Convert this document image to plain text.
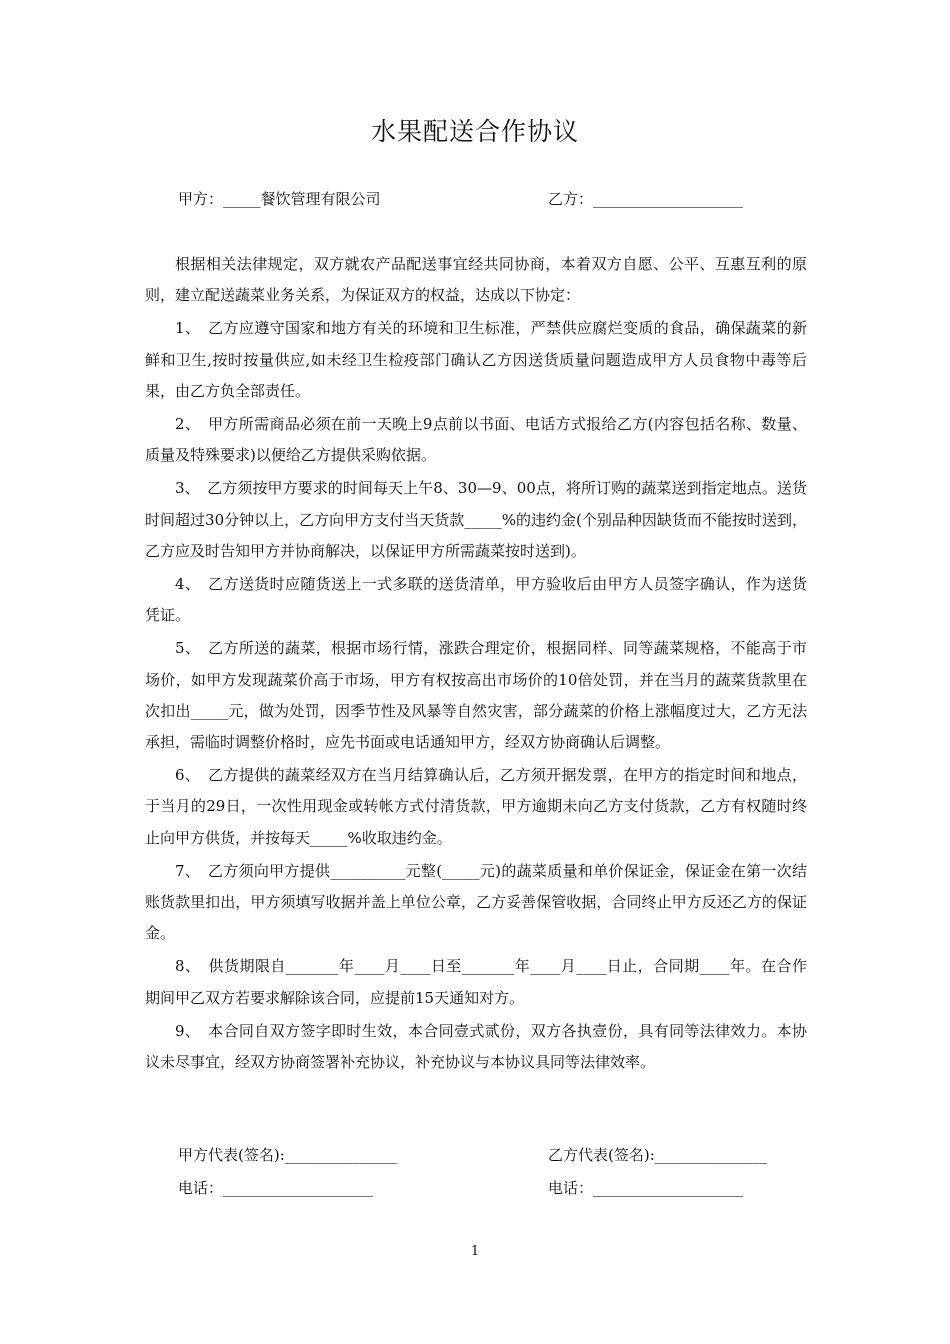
水果配送合作协议
甲方：_____餐饮管理有限公司	乙方：____________________

根据相关法律规定，双方就农产品配送事宜经共同协商，本着双方自愿、公平、互惠互利的原则，建立配送蔬菜业务关系，为保证双方的权益，达成以下协定：

1、　乙方应遵守国家和地方有关的环境和卫生标准，严禁供应腐烂变质的食品，确保蔬菜的新鲜和卫生,按时按量供应,如未经卫生检疫部门确认乙方因送货质量问题造成甲方人员食物中毒等后果，由乙方负全部责任。

2、　甲方所需商品必须在前一天晚上9点前以书面、电话方式报给乙方(内容包括名称、数量、质量及特殊要求)以便给乙方提供采购依据。

3、　乙方须按甲方要求的时间每天上午8、30—9、00点，将所订购的蔬菜送到指定地点。送货时间超过30分钟以上，乙方向甲方支付当天货款_____%的违约金(个别品种因缺货而不能按时送到，乙方应及时告知甲方并协商解决，以保证甲方所需蔬菜按时送到)。

4、　乙方送货时应随货送上一式多联的送货清单，甲方验收后由甲方人员签字确认，作为送货凭证。

5、　乙方所送的蔬菜，根据市场行情，涨跌合理定价，根据同样、同等蔬菜规格，不能高于市场价，如甲方发现蔬菜价高于市场，甲方有权按高出市场价的10倍处罚，并在当月的蔬菜货款里在次扣出_____元，做为处罚，因季节性及风暴等自然灾害，部分蔬菜的价格上涨幅度过大，乙方无法承担，需临时调整价格时，应先书面或电话通知甲方，经双方协商确认后调整。

6、　乙方提供的蔬菜经双方在当月结算确认后，乙方须开据发票，在甲方的指定时间和地点，于当月的29日，一次性用现金或转帐方式付清货款，甲方逾期未向乙方支付货款，乙方有权随时终止向甲方供货，并按每天_____%收取违约金。

7、　乙方须向甲方提供__________元整(_____元)的蔬菜质量和单价保证金，保证金在第一次结账货款里扣出，甲方须填写收据并盖上单位公章，乙方妥善保管收据，合同终止甲方反还乙方的保证金。

8、　供货期限自_______年____月____日至_______年____月____日止，合同期____年。在合作期间甲乙双方若要求解除该合同，应提前15天通知对方。

9、　本合同自双方签字即时生效，本合同壹式贰份，双方各执壹份，具有同等法律效力。本协议未尽事宜，经双方协商签署补充协议，补充协议与本协议具同等法律效率。

甲方代表(签名):_______________	乙方代表(签名):_______________
电话：____________________	电话：____________________
1
